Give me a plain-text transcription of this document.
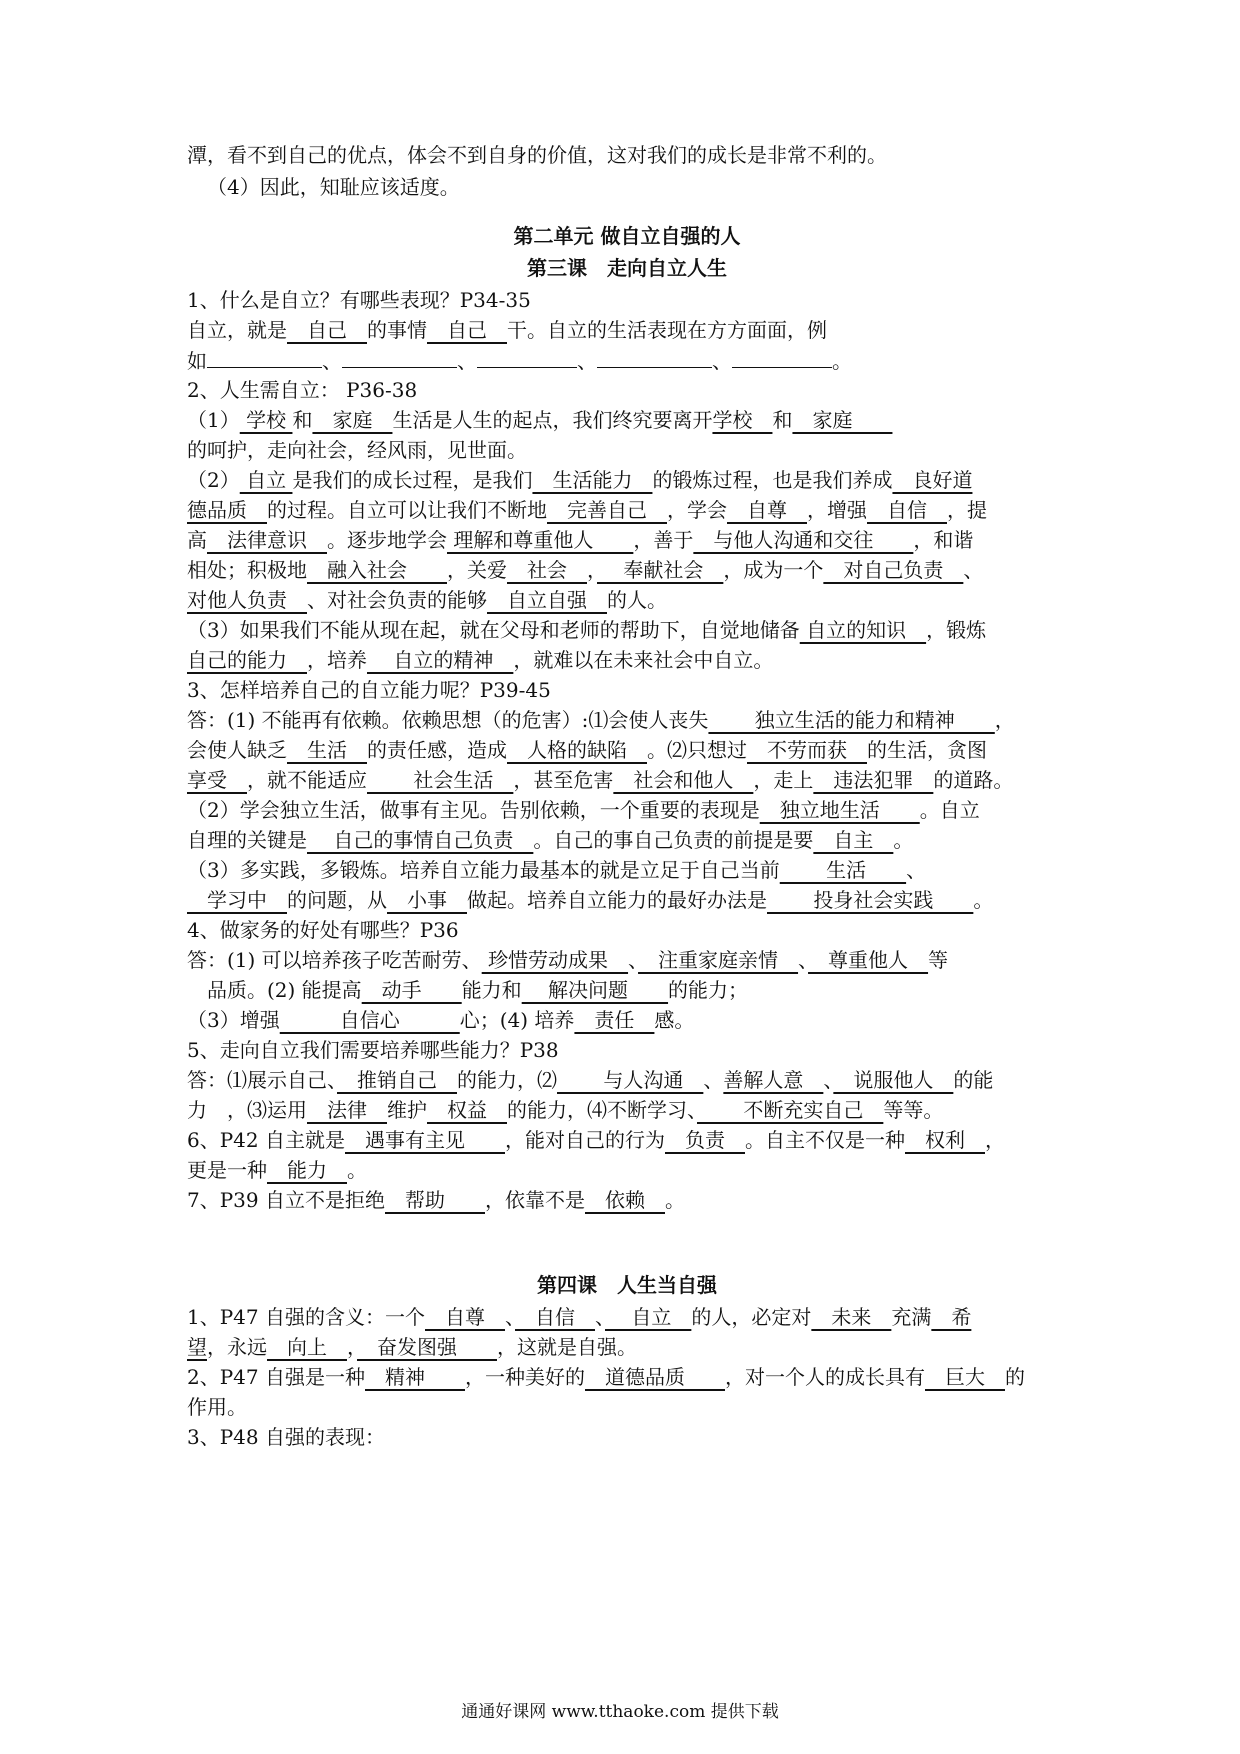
潭，看不到自己的优点，体会不到自身的价值，这对我们的成长是非常不利的。
（4）因此，知耻应该适度。
第二单元 做自立自强的人
第三课　走向自立人生
1、什么是自立？有哪些表现？P34-35
自立，就是　自己　的事情　自己　干。自立的生活表现在方方面面，例
如	、	、	、	、	。
2、人生需自立： P36-38
（1） 学校 和　家庭　生活是人生的起点，我们终究要离开学校　和　家庭　　
的呵护，走向社会，经风雨，见世面。
（2） 自立 是我们的成长过程，是我们　生活能力　的锻炼过程，也是我们养成　良好道
德品质　的过程。自立可以让我们不断地　完善自己　，学会　自尊　，增强　自信　，提
高　法律意识　。逐步地学会 理解和尊重他人　　，善于　与他人沟通和交往　　，和谐
相处；积极地　融入社会　　，关爱　社会　，　 奉献社会　，成为一个　对自己负责　、
对他人负责　、对社会负责的能够　自立自强　的人。
（3）如果我们不能从现在起，就在父母和老师的帮助下，自觉地储备 自立的知识　，锻炼
自己的能力　，培养　 自立的精神　，就难以在未来社会中自立。
3、怎样培养自己的自立能力呢？P39-45
答：(1) 不能再有依赖。依赖思想（的危害）:⑴会使人丧失　　 独立生活的能力和精神　　，
会使人缺乏　生活　的责任感，造成　人格的缺陷　。⑵只想过　不劳而获　的生活，贪图
享受　，就不能适应　　 社会生活　，甚至危害　社会和他人　，走上　违法犯罪　的道路。
（2）学会独立生活，做事有主见。告别依赖，一个重要的表现是　独立地生活　　。自立
自理的关键是　 自己的事情自己负责　。自己的事自己负责的前提是要　自主　。
（3）多实践，多锻炼。培养自立能力最基本的就是立足于自己当前　　 生活　　、
　学习中　的问题，从　小事　做起。培养自立能力的最好办法是　　 投身社会实践　　。
4、做家务的好处有哪些？P36
答：(1) 可以培养孩子吃苦耐劳、 珍惜劳动成果　、　注重家庭亲情　、　尊重他人　等
品质。(2) 能提高　动手　　能力和　 解决问题　　的能力；
（3）增强　　　自信心　　　心；(4) 培养　责任　感。
5、走向自立我们需要培养哪些能力？P38
答：⑴展示自己、　推销自己　的能力，⑵　　 与人沟通　、善解人意　、　说服他人　的能
力　，⑶运用　法律　维护　权益　的能力，⑷不断学习、　　 不断充实自己　等等。
6、P42 自主就是　遇事有主见　　，能对自己的行为　负责　。自主不仅是一种　权利　，
更是一种　能力　。
7、P39 自立不是拒绝　帮助　　，依靠不是　依赖　。
第四课　人生当自强
1、P47 自强的含义：一个　自尊　、　自信　、　 自立　的人，必定对　未来　充满　希
望，永远　向上　，　奋发图强　　，这就是自强。
2、P47 自强是一种　精神　　，一种美好的　道德品质　　，对一个人的成长具有　巨大　的
作用。
3、P48 自强的表现：
通通好课网 www.tthaoke.com 提供下载
